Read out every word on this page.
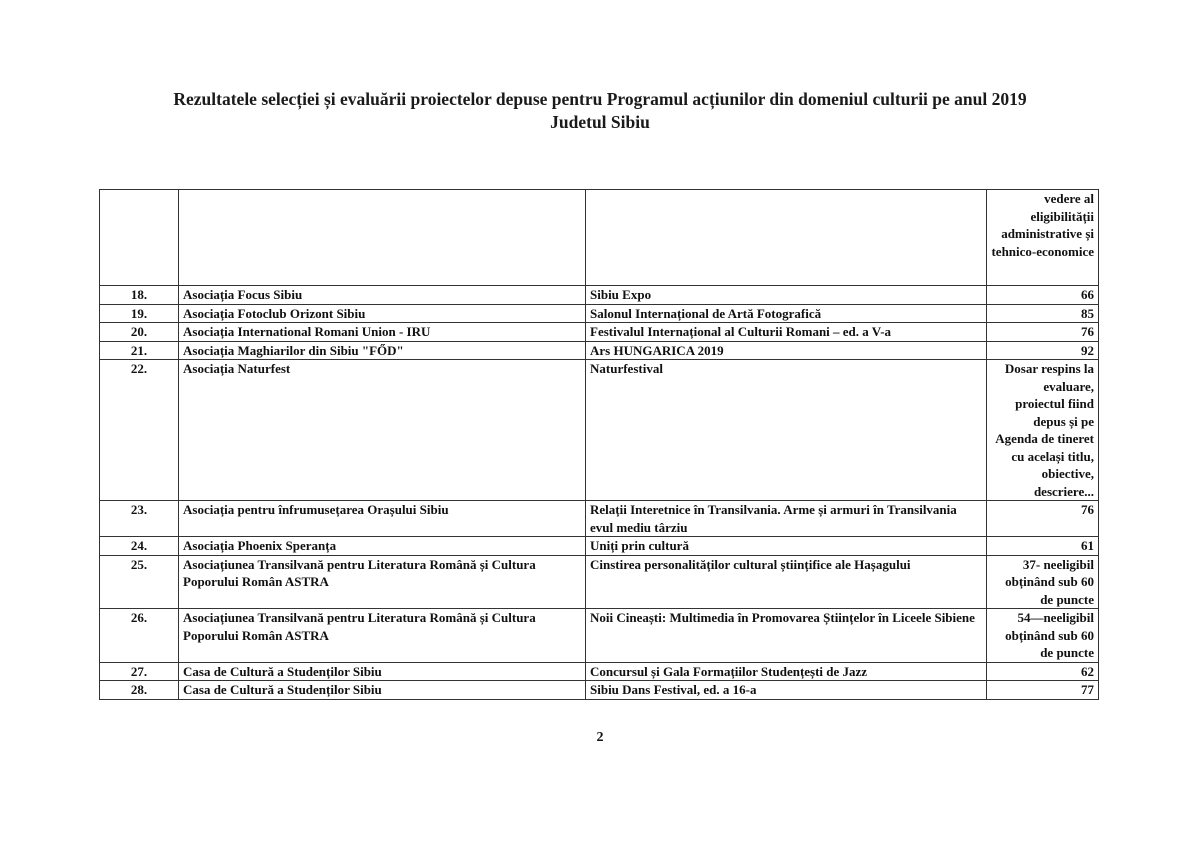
Rezultatele selecției și evaluării proiectelor depuse pentru Programul acțiunilor din domeniul culturii pe anul 2019
Judetul Sibiu
			vedere al eligibilității administrative și tehnico-economice
18.	Asociația Focus Sibiu	Sibiu Expo	66
19.	Asociația Fotoclub Orizont Sibiu	Salonul Internațional de Artă Fotografică	85
20.	Asociația International Romani Union - IRU	Festivalul Internațional al Culturii Romani – ed. a V-a	76
21.	Asociația Maghiarilor din Sibiu "FŐD"	Ars HUNGARICA 2019	92
22.	Asociația Naturfest	Naturfestival	Dosar respins la evaluare, proiectul fiind depus și pe Agenda de tineret cu același titlu, obiective, descriere...
23.	Asociația pentru înfrumusețarea Orașului Sibiu	Relații Interetnice în Transilvania. Arme și armuri în Transilvania evul mediu târziu	76
24.	Asociația Phoenix Speranța	Uniți prin cultură	61
25.	Asociațiunea Transilvană pentru Literatura Română și Cultura Poporului Român ASTRA	Cinstirea personalităților cultural științifice ale Hașagului	37- neeligibil obținând sub 60 de puncte
26.	Asociațiunea Transilvană pentru Literatura Română și Cultura Poporului Român ASTRA	Noii Cineaști: Multimedia în Promovarea Științelor în Liceele Sibiene	54—neeligibil obținând sub 60 de puncte
27.	Casa de Cultură a Studenților Sibiu	Concursul și Gala Formațiilor Studențești de Jazz	62
28.	Casa de Cultură a Studenților Sibiu	Sibiu Dans Festival, ed. a 16-a	77
2
